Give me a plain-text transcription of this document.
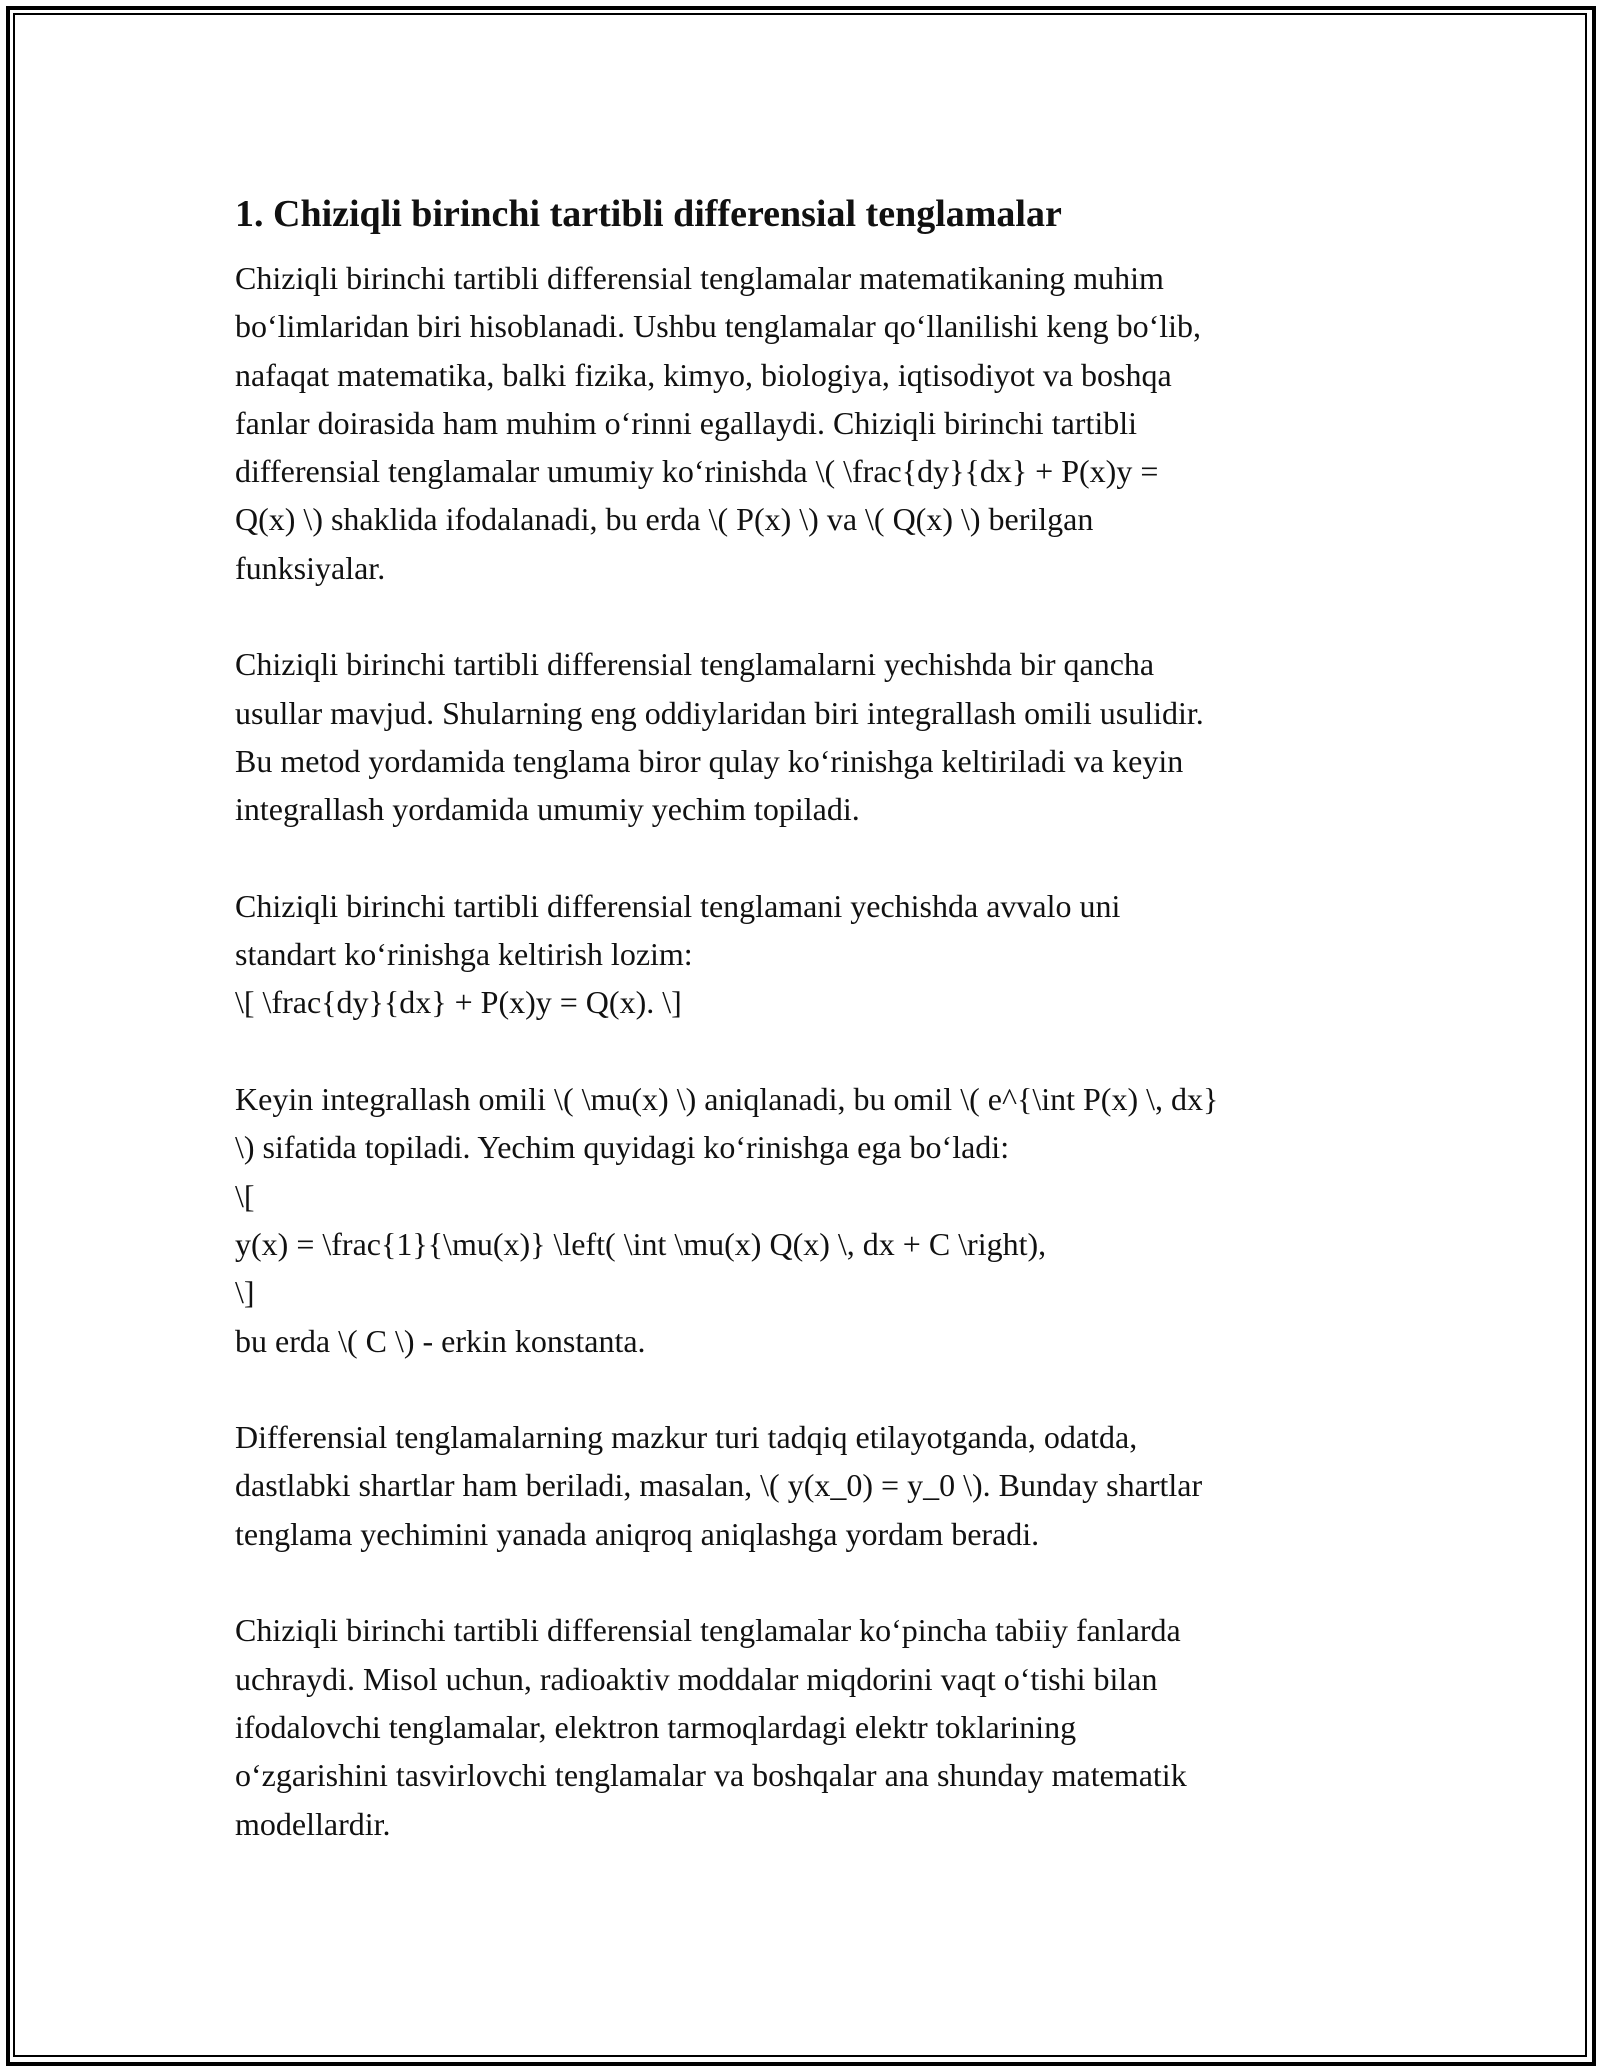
1. Chiziqli birinchi tartibli differensial tenglamalar
Chiziqli birinchi tartibli differensial tenglamalar matematikaning muhim
bo‘limlaridan biri hisoblanadi. Ushbu tenglamalar qo‘llanilishi keng bo‘lib,
nafaqat matematika, balki fizika, kimyo, biologiya, iqtisodiyot va boshqa
fanlar doirasida ham muhim o‘rinni egallaydi. Chiziqli birinchi tartibli
differensial tenglamalar umumiy ko‘rinishda \( \frac{dy}{dx} + P(x)y =
Q(x) \) shaklida ifodalanadi, bu erda \( P(x) \) va \( Q(x) \) berilgan
funksiyalar.
Chiziqli birinchi tartibli differensial tenglamalarni yechishda bir qancha
usullar mavjud. Shularning eng oddiylaridan biri integrallash omili usulidir.
Bu metod yordamida tenglama biror qulay ko‘rinishga keltiriladi va keyin
integrallash yordamida umumiy yechim topiladi.
Chiziqli birinchi tartibli differensial tenglamani yechishda avvalo uni
standart ko‘rinishga keltirish lozim:
\[ \frac{dy}{dx} + P(x)y = Q(x). \]
Keyin integrallash omili \( \mu(x) \) aniqlanadi, bu omil \( e^{\int P(x) \, dx}
\) sifatida topiladi. Yechim quyidagi ko‘rinishga ega bo‘ladi:
\[
y(x) = \frac{1}{\mu(x)} \left( \int \mu(x) Q(x) \, dx + C \right),
\]
bu erda \( C \) - erkin konstanta.
Differensial tenglamalarning mazkur turi tadqiq etilayotganda, odatda,
dastlabki shartlar ham beriladi, masalan, \( y(x_0) = y_0 \). Bunday shartlar
tenglama yechimini yanada aniqroq aniqlashga yordam beradi.
Chiziqli birinchi tartibli differensial tenglamalar ko‘pincha tabiiy fanlarda
uchraydi. Misol uchun, radioaktiv moddalar miqdorini vaqt o‘tishi bilan
ifodalovchi tenglamalar, elektron tarmoqlardagi elektr toklarining
o‘zgarishini tasvirlovchi tenglamalar va boshqalar ana shunday matematik
modellardir.
